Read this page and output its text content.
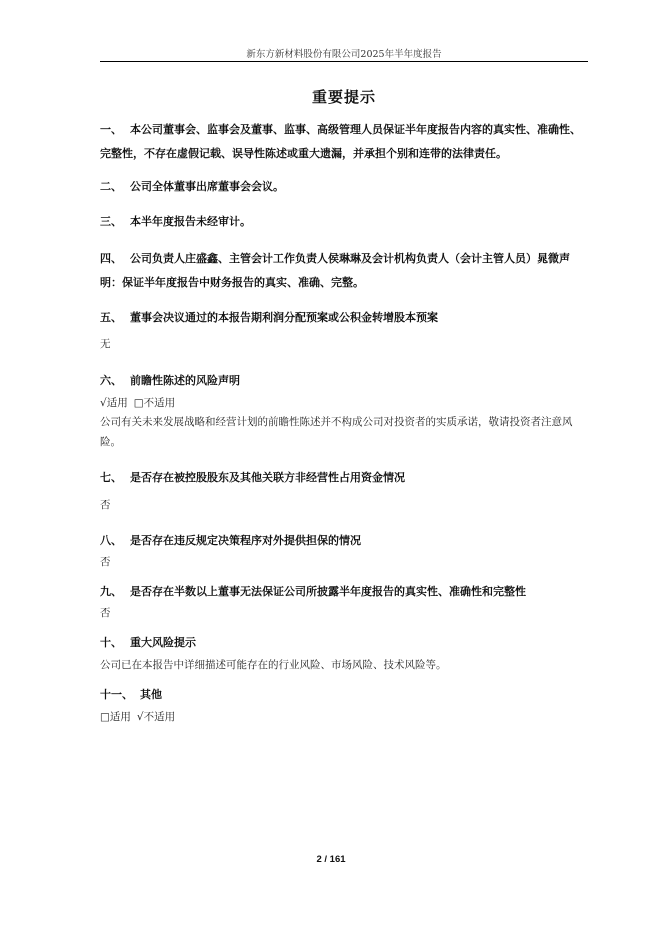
新东方新材料股份有限公司2025年半年度报告
重要提示
一、 本公司董事会、监事会及董事、监事、高级管理人员保证半年度报告内容的真实性、准确性、完整性，不存在虚假记载、误导性陈述或重大遗漏，并承担个别和连带的法律责任。
二、 公司全体董事出席董事会会议。
三、 本半年度报告未经审计。
四、 公司负责人庄盛鑫、主管会计工作负责人侯琳琳及会计机构负责人（会计主管人员）晁微声明：保证半年度报告中财务报告的真实、准确、完整。
五、 董事会决议通过的本报告期利润分配预案或公积金转增股本预案
无
六、 前瞻性陈述的风险声明
√适用 □不适用
公司有关未来发展战略和经营计划的前瞻性陈述并不构成公司对投资者的实质承诺，敬请投资者注意风险。
七、 是否存在被控股股东及其他关联方非经营性占用资金情况
否
八、 是否存在违反规定决策程序对外提供担保的情况
否
九、 是否存在半数以上董事无法保证公司所披露半年度报告的真实性、准确性和完整性
否
十、 重大风险提示
公司已在本报告中详细描述可能存在的行业风险、市场风险、技术风险等。
十一、 其他
□适用 √不适用
2 / 161
